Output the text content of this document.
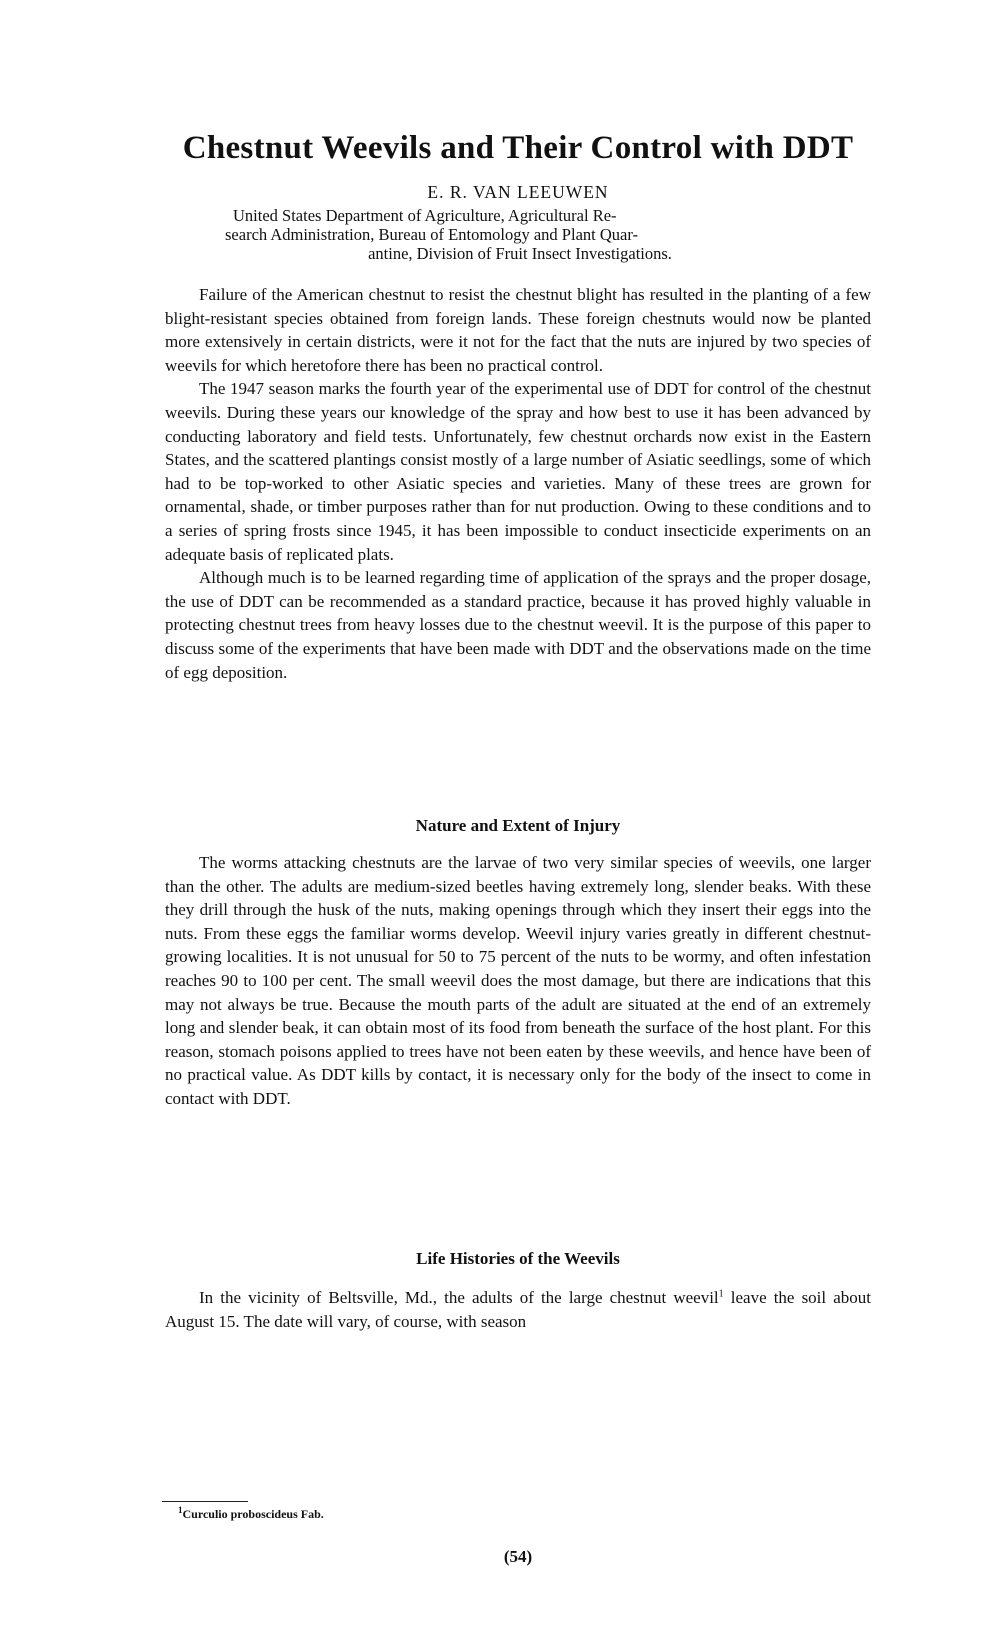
Chestnut Weevils and Their Control with DDT
E. R. VAN LEEUWEN
United States Department of Agriculture, Agricultural Re-
search Administration, Bureau of Entomology and Plant Quar-
antine, Division of Fruit Insect Investigations.

Failure of the American chestnut to resist the chestnut blight has resulted in the planting of a few blight-resistant species obtained from foreign lands. These foreign chestnuts would now be planted more extensively in certain districts, were it not for the fact that the nuts are injured by two species of weevils for which heretofore there has been no practical control.

The 1947 season marks the fourth year of the experimental use of DDT for control of the chestnut weevils. During these years our knowledge of the spray and how best to use it has been advanced by conducting laboratory and field tests. Unfortunately, few chestnut orchards now exist in the Eastern States, and the scattered plantings consist mostly of a large number of Asiatic seedlings, some of which had to be top-worked to other Asiatic species and varieties. Many of these trees are grown for ornamental, shade, or timber purposes rather than for nut production. Owing to these conditions and to a series of spring frosts since 1945, it has been impossible to conduct insecticide experiments on an adequate basis of replicated plats.

Although much is to be learned regarding time of application of the sprays and the proper dosage, the use of DDT can be recommended as a standard practice, because it has proved highly valuable in protecting chestnut trees from heavy losses due to the chestnut weevil. It is the purpose of this paper to discuss some of the experiments that have been made with DDT and the observations made on the time of egg deposition.

Nature and Extent of Injury

The worms attacking chestnuts are the larvae of two very similar species of weevils, one larger than the other. The adults are medium-sized beetles having extremely long, slender beaks. With these they drill through the husk of the nuts, making openings through which they insert their eggs into the nuts. From these eggs the familiar worms develop. Weevil injury varies greatly in different chestnut-growing localities. It is not unusual for 50 to 75 percent of the nuts to be wormy, and often infestation reaches 90 to 100 per cent. The small weevil does the most damage, but there are indications that this may not always be true. Because the mouth parts of the adult are situated at the end of an extremely long and slender beak, it can obtain most of its food from beneath the surface of the host plant. For this reason, stomach poisons applied to trees have not been eaten by these weevils, and hence have been of no practical value. As DDT kills by contact, it is necessary only for the body of the insect to come in contact with DDT.

Life Histories of the Weevils

In the vicinity of Beltsville, Md., the adults of the large chestnut weevil$^1$ leave the soil about August 15. The date will vary, of course, with season

$^1$Curculio proboscideus Fab.
(54)
